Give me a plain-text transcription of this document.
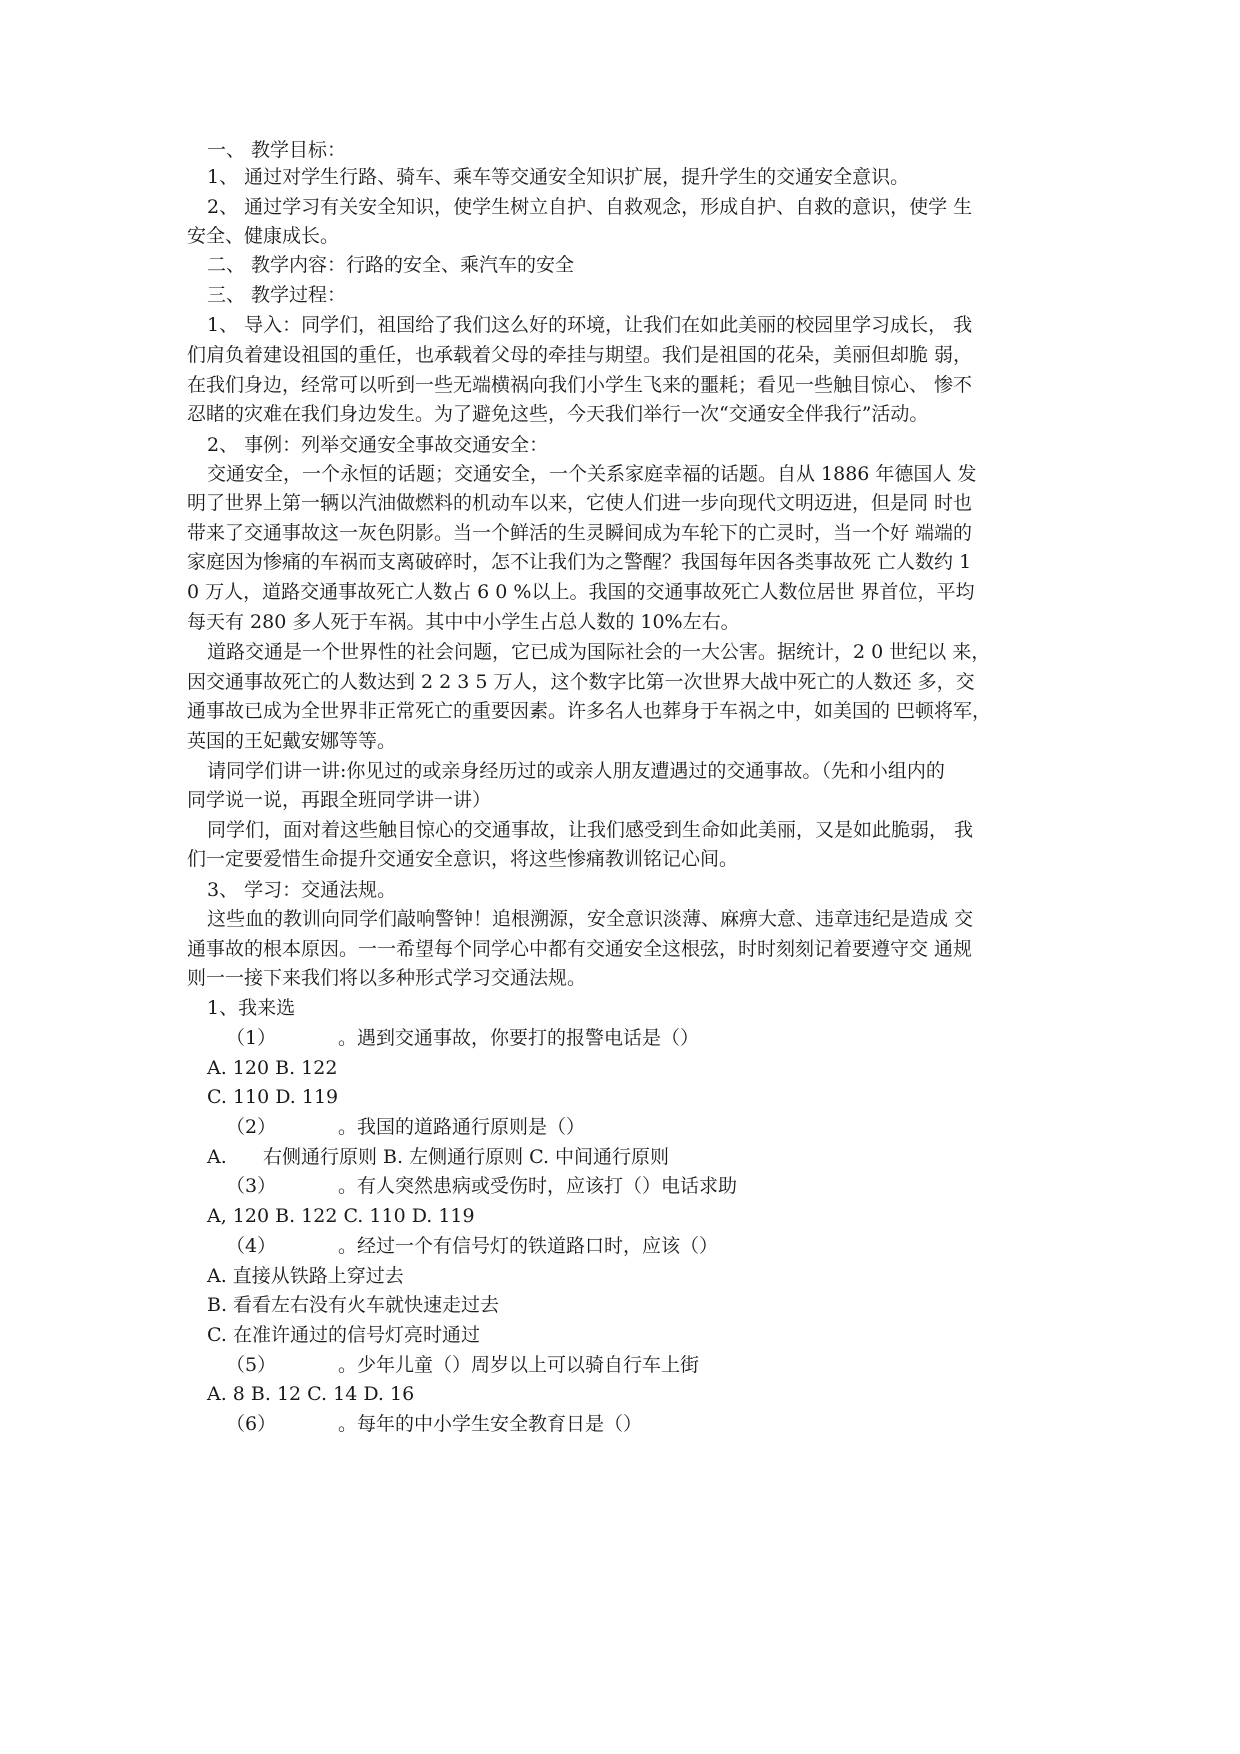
一、 教学目标：
1、 通过对学生行路、骑车、乘车等交通安全知识扩展，提升学生的交通安全意识。
2、 通过学习有关安全知识，使学生树立自护、自救观念，形成自护、自救的意识，使学 生
安全、健康成长。
二、 教学内容：行路的安全、乘汽车的安全
三、 教学过程：
1、 导入：同学们，祖国给了我们这么好的环境，让我们在如此美丽的校园里学习成长， 我
们肩负着建设祖国的重任，也承载着父母的牵挂与期望。我们是祖国的花朵，美丽但却脆 弱，
在我们身边，经常可以听到一些无端横祸向我们小学生飞来的噩耗；看见一些触目惊心、 惨不
忍睹的灾难在我们身边发生。为了避免这些，今天我们举行一次“交通安全伴我行”活动。
2、 事例：列举交通安全事故交通安全：
交通安全，一个永恒的话题；交通安全，一个关系家庭幸福的话题。自从 1886 年德国人 发
明了世界上第一辆以汽油做燃料的机动车以来，它使人们进一步向现代文明迈进，但是同 时也
带来了交通事故这一灰色阴影。当一个鲜活的生灵瞬间成为车轮下的亡灵时，当一个好 端端的
家庭因为惨痛的车祸而支离破碎时，怎不让我们为之警醒？我国每年因各类事故死 亡人数约 1
0 万人，道路交通事故死亡人数占 6 0 %以上。我国的交通事故死亡人数位居世 界首位，平均
每天有 280 多人死于车祸。其中中小学生占总人数的 10%左右。
道路交通是一个世界性的社会问题，它已成为国际社会的一大公害。据统计，2 0 世纪以 来，
因交通事故死亡的人数达到 2 2 3 5 万人，这个数字比第一次世界大战中死亡的人数还 多，交
通事故已成为全世界非正常死亡的重要因素。许多名人也葬身于车祸之中，如美国的 巴顿将军，
英国的王妃戴安娜等等。
请同学们讲一讲:你见过的或亲身经历过的或亲人朋友遭遇过的交通事故。（先和小组内的
同学说一说，再跟全班同学讲一讲）
同学们，面对着这些触目惊心的交通事故，让我们感受到生命如此美丽，又是如此脆弱， 我
们一定要爱惜生命提升交通安全意识，将这些惨痛教训铭记心间。
3、 学习：交通法规。
这些血的教训向同学们敲响警钟！追根溯源，安全意识淡薄、麻痹大意、违章违纪是造成 交
通事故的根本原因。一一希望每个同学心中都有交通安全这根弦，时时刻刻记着要遵守交 通规
则一一接下来我们将以多种形式学习交通法规。
1、我来选
（1）	。遇到交通事故，你要打的报警电话是（）
A. 120 B. 122
C. 110 D. 119
（2）	。我国的道路通行原则是（）
A. 右侧通行原则 B. 左侧通行原则 C. 中间通行原则
（3）	。有人突然患病或受伤时，应该打（）电话求助
A, 120 B. 122 C. 110 D. 119
（4）	。经过一个有信号灯的铁道路口时，应该（）
A. 直接从铁路上穿过去
B. 看看左右没有火车就快速走过去
C. 在准许通过的信号灯亮时通过
（5）	。少年儿童（）周岁以上可以骑自行车上街
A. 8 B. 12 C. 14 D. 16
（6）	。每年的中小学生安全教育日是（）
